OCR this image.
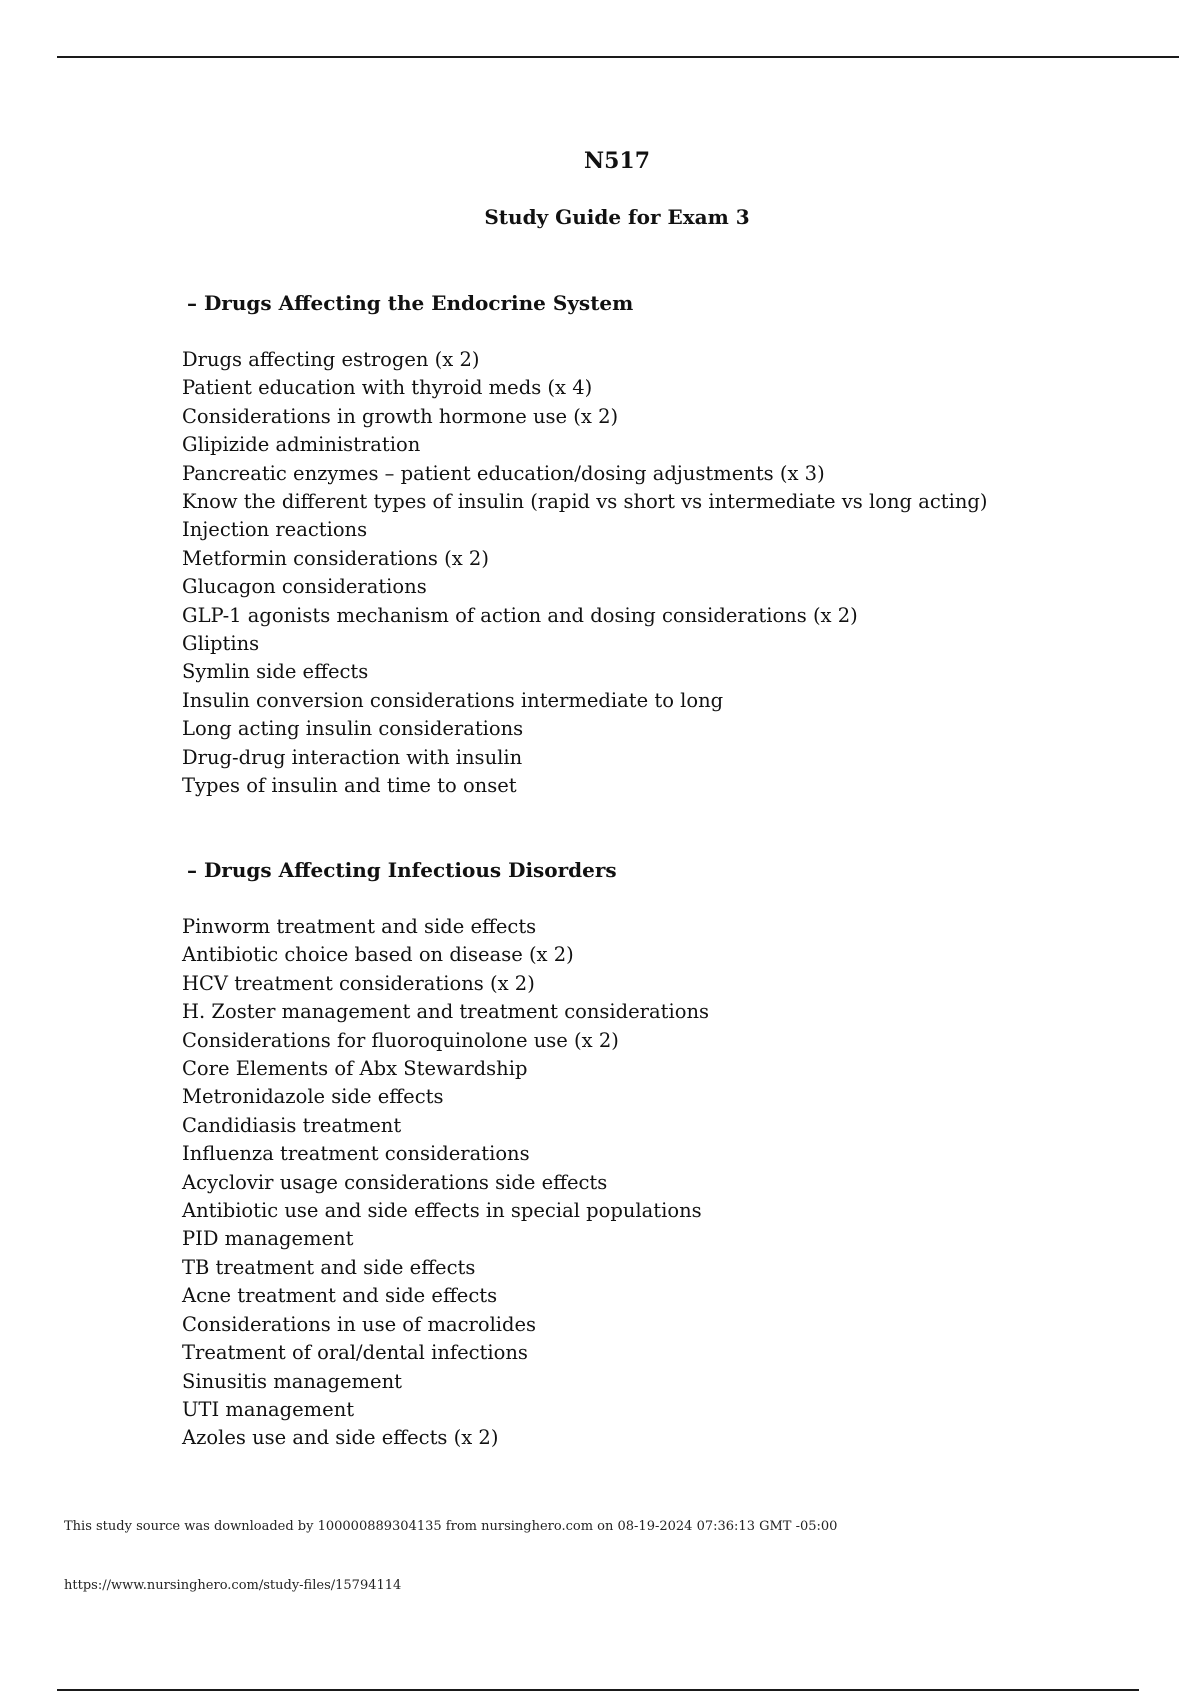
N517
Study Guide for Exam 3
– Drugs Affecting the Endocrine System
Drugs affecting estrogen (x 2)
Patient education with thyroid meds (x 4)
Considerations in growth hormone use (x 2)
Glipizide administration
Pancreatic enzymes – patient education/dosing adjustments (x 3)
Know the different types of insulin (rapid vs short vs intermediate vs long acting)
Injection reactions
Metformin considerations (x 2)
Glucagon considerations
GLP-1 agonists mechanism of action and dosing considerations (x 2)
Gliptins
Symlin side effects
Insulin conversion considerations intermediate to long
Long acting insulin considerations
Drug-drug interaction with insulin
Types of insulin and time to onset
– Drugs Affecting Infectious Disorders
Pinworm treatment and side effects
Antibiotic choice based on disease (x 2)
HCV treatment considerations (x 2)
H. Zoster management and treatment considerations
Considerations for fluoroquinolone use (x 2)
Core Elements of Abx Stewardship
Metronidazole side effects
Candidiasis treatment
Influenza treatment considerations
Acyclovir usage considerations side effects
Antibiotic use and side effects in special populations
PID management
TB treatment and side effects
Acne treatment and side effects
Considerations in use of macrolides
Treatment of oral/dental infections
Sinusitis management
UTI management
Azoles use and side effects (x 2)
This study source was downloaded by 100000889304135 from nursinghero.com on 08-19-2024 07:36:13 GMT -05:00
https://www.nursinghero.com/study-files/15794114
